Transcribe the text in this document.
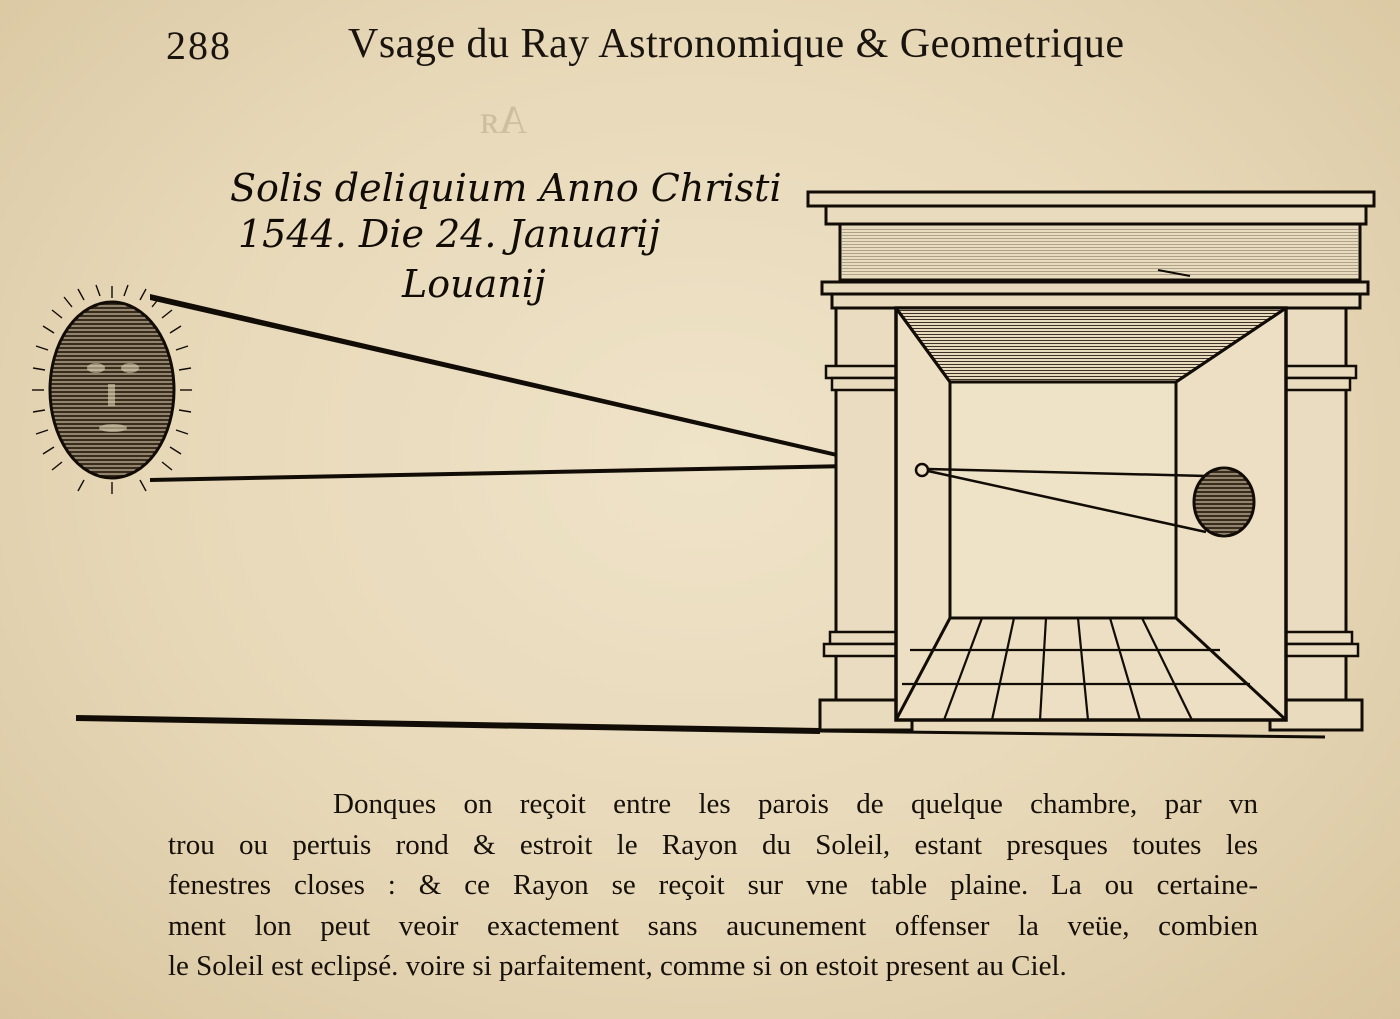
Aᴙ
288	Vsage du Ray Astronomique & Geometrique
Solis deliquium Anno Christi
1544. Die 24. Januarij
Louanij
Donques on reçoit entre les parois de quelque chambre, par vn
trou ou pertuis rond & estroit le Rayon du Soleil, estant presques toutes les
fenestres closes : & ce Rayon se reçoit sur vne table plaine. La ou certaine-
ment lon peut veoir exactement sans aucunement offenser la veüe, combien
le Soleil est eclipsé. voire si parfaitement, comme si on estoit present au Ciel.
